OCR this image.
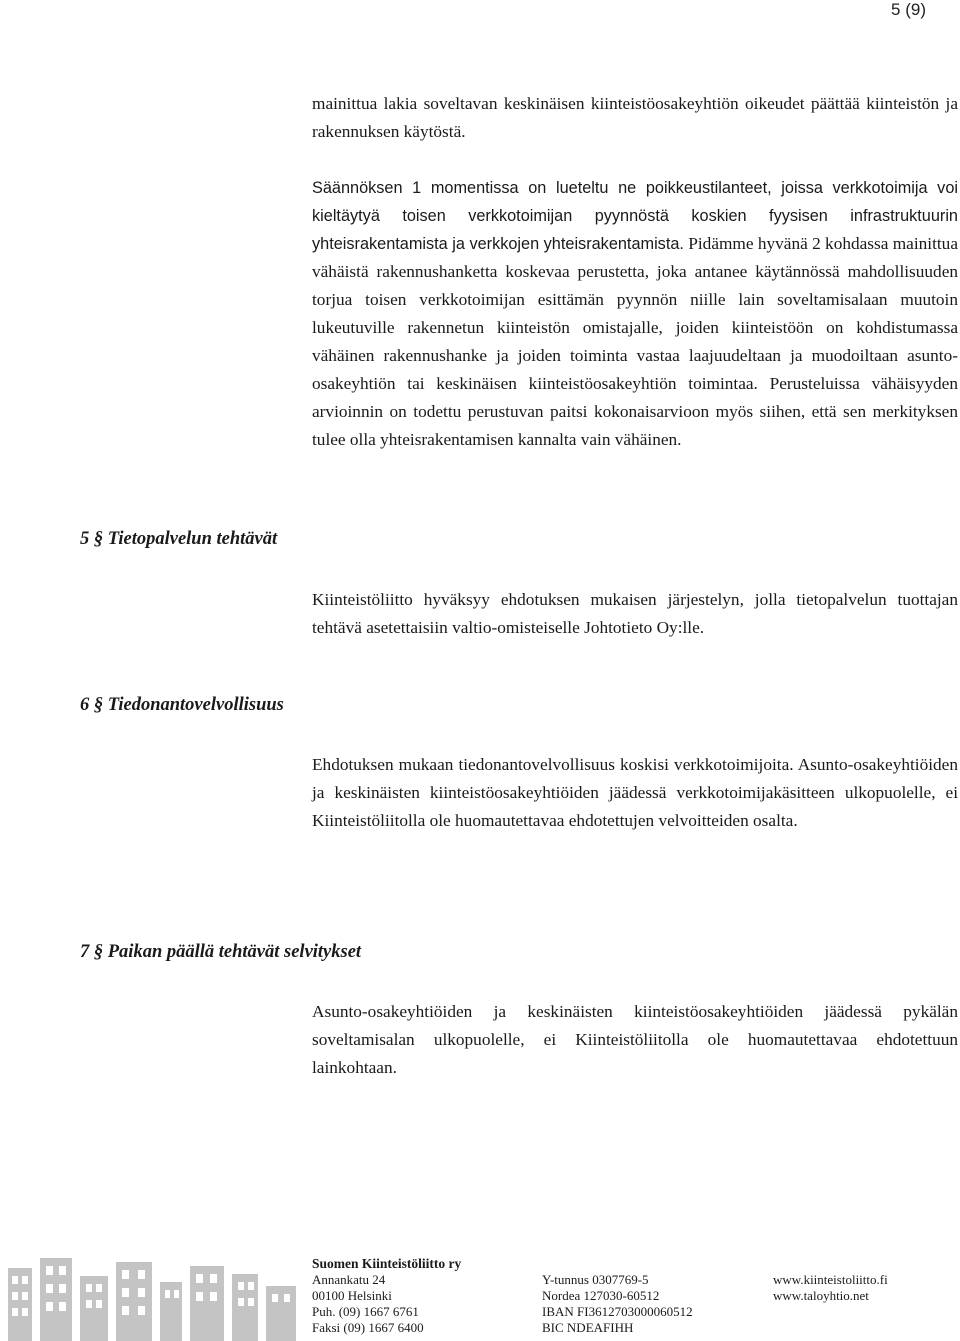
5 (9)

mainittua lakia soveltavan keskinäisen kiinteistöosakeyhtiön oikeudet päättää kiinteistön ja rakennuksen käytöstä.

Säännöksen 1 momentissa on lueteltu ne poikkeustilanteet, joissa verkkotoimija voi kieltäytyä toisen verkkotoimijan pyynnöstä koskien fyysisen infrastruktuurin yhteisrakentamista ja verkkojen yhteisrakentamista. Pidämme hyvänä 2 kohdassa mainittua vähäistä rakennushanketta koskevaa perustetta, joka antanee käytännössä mahdollisuuden torjua toisen verkkotoimijan esittämän pyynnön niille lain soveltamisalaan muutoin lukeutuville rakennetun kiinteistön omistajalle, joiden kiinteistöön on kohdistumassa vähäinen rakennushanke ja joiden toiminta vastaa laajuudeltaan ja muodoiltaan asunto-osakeyhtiön tai keskinäisen kiinteistöosakeyhtiön toimintaa. Perusteluissa vähäisyyden arvioinnin on todettu perustuvan paitsi kokonaisarvioon myös siihen, että sen merkityksen tulee olla yhteisrakentamisen kannalta vain vähäinen.

5 § Tietopalvelun tehtävät

Kiinteistöliitto hyväksyy ehdotuksen mukaisen järjestelyn, jolla tietopalvelun tuottajan tehtävä asetettaisiin valtio-omisteiselle Johtotieto Oy:lle.

6 § Tiedonantovelvollisuus

Ehdotuksen mukaan tiedonantovelvollisuus koskisi verkkotoimijoita. Asunto-osakeyhtiöiden ja keskinäisten kiinteistöosakeyhtiöiden jäädessä verkkotoimijakäsitteen ulkopuolelle, ei Kiinteistöliitolla ole huomautettavaa ehdotettujen velvoitteiden osalta.

7 § Paikan päällä tehtävät selvitykset

Asunto-osakeyhtiöiden ja keskinäisten kiinteistöosakeyhtiöiden jäädessä pykälän soveltamisalan ulkopuolelle, ei Kiinteistöliitolla ole huomautettavaa ehdotettuun lainkohtaan.

Suomen Kiinteistöliitto ry
Annankatu 24
00100 Helsinki
Puh. (09) 1667 6761
Faksi (09) 1667 6400
Y-tunnus 0307769-5
Nordea 127030-60512
IBAN FI3612703000060512
BIC NDEAFIHH
www.kiinteistoliitto.fi
www.taloyhtio.net
